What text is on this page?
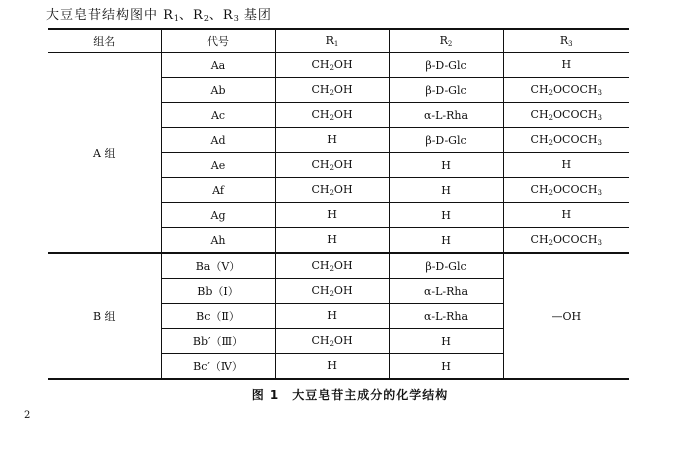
大豆皂苷结构图中 $R_1$、$R_2$、$R_3$ 基团
组名	代号	$R_1$	$R_2$	$R_3$
A 组	Aa	$CH_2OH$	β-D-Glc	H
	Ab	$CH_2OH$	β-D-Glc	$CH_2OCOCH_3$
	Ac	$CH_2OH$	α-L-Rha	$CH_2OCOCH_3$
	Ad	H	β-D-Glc	$CH_2OCOCH_3$
	Ae	$CH_2OH$	H	H
	Af	$CH_2OH$	H	$CH_2OCOCH_3$
	Ag	H	H	H
	Ah	H	H	$CH_2OCOCH_3$
B 组	Ba（Ⅴ）	$CH_2OH$	β-D-Glc	—OH
	Bb（Ⅰ）	$CH_2OH$	α-L-Rha	
	Bc（Ⅱ）	H	α-L-Rha	
	Bb′（Ⅲ）	$CH_2OH$	H	
	Bc′（Ⅳ）	H	H	
图 1　大豆皂苷主成分的化学结构
2
